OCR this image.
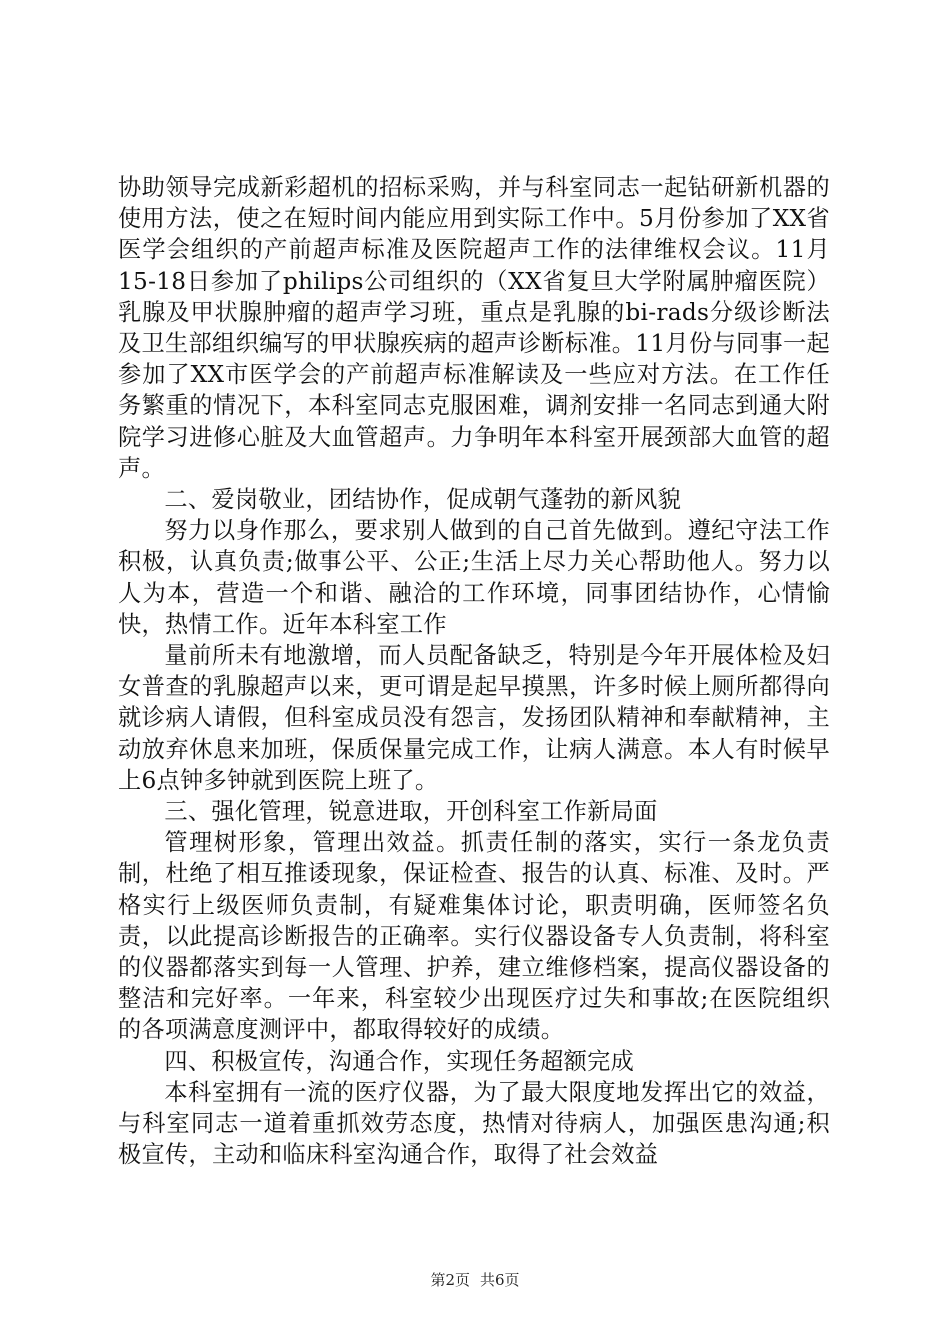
协助领导完成新彩超机的招标采购，并与科室同志一起钻研新机器的使用方法，使之在短时间内能应用到实际工作中。5月份参加了XX省医学会组织的产前超声标准及医院超声工作的法律维权会议。11月15-18日参加了philips公司组织的（XX省复旦大学附属肿瘤医院）乳腺及甲状腺肿瘤的超声学习班，重点是乳腺的bi-rads分级诊断法及卫生部组织编写的甲状腺疾病的超声诊断标准。11月份与同事一起参加了XX市医学会的产前超声标准解读及一些应对方法。在工作任务繁重的情况下，本科室同志克服困难，调剂安排一名同志到通大附院学习进修心脏及大血管超声。力争明年本科室开展颈部大血管的超声。

二、爱岗敬业，团结协作，促成朝气蓬勃的新风貌

努力以身作那么，要求别人做到的自己首先做到。遵纪守法工作积极，认真负责;做事公平、公正;生活上尽力关心帮助他人。努力以人为本，营造一个和谐、融洽的工作环境，同事团结协作，心情愉快，热情工作。近年本科室工作

量前所未有地激增，而人员配备缺乏，特别是今年开展体检及妇女普查的乳腺超声以来，更可谓是起早摸黑，许多时候上厕所都得向就诊病人请假，但科室成员没有怨言，发扬团队精神和奉献精神，主动放弃休息来加班，保质保量完成工作，让病人满意。本人有时候早上6点钟多钟就到医院上班了。

三、强化管理，锐意进取，开创科室工作新局面

管理树形象，管理出效益。抓责任制的落实，实行一条龙负责制，杜绝了相互推诿现象，保证检查、报告的认真、标准、及时。严格实行上级医师负责制，有疑难集体讨论，职责明确，医师签名负责，以此提高诊断报告的正确率。实行仪器设备专人负责制，将科室的仪器都落实到每一人管理、护养，建立维修档案，提高仪器设备的整洁和完好率。一年来，科室较少出现医疗过失和事故;在医院组织的各项满意度测评中，都取得较好的成绩。

四、积极宣传，沟通合作，实现任务超额完成

本科室拥有一流的医疗仪器，为了最大限度地发挥出它的效益，与科室同志一道着重抓效劳态度，热情对待病人，加强医患沟通;积极宣传，主动和临床科室沟通合作，取得了社会效益

第2页 共6页
